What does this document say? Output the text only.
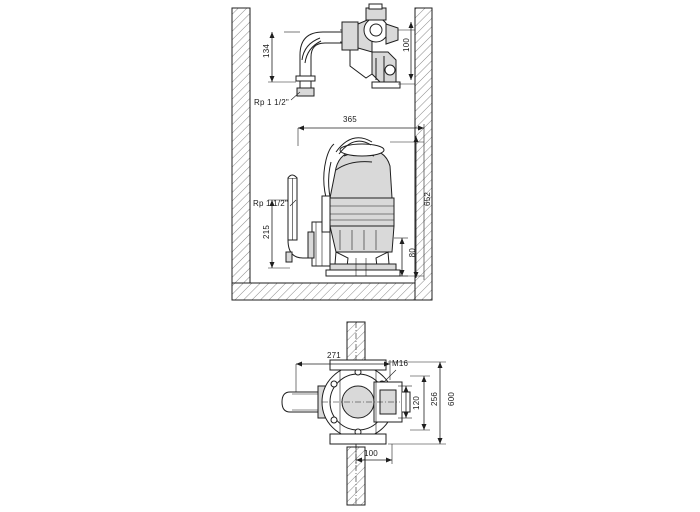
134	100
Rp 1 1/2"
365
652
Rp 1 1/2"
215
80
271
M16
120 256 600
100
